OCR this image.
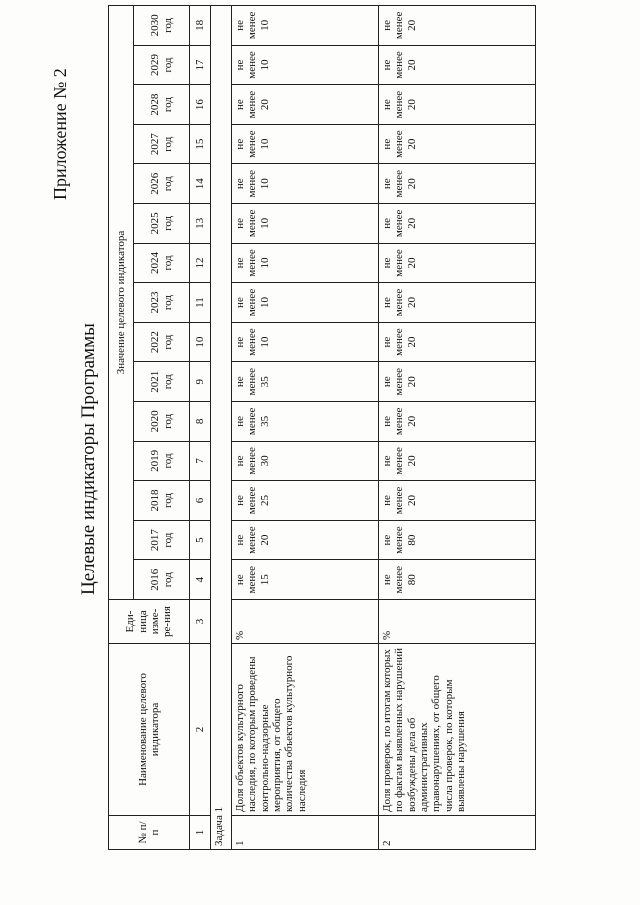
Приложение № 2
Целевые индикаторы Программы
№ п/п	Наименование целевого индикатора	Еди-ница изме-ре-ния	Значение целевого индикатора														
			2016 год	2017 год	2018 год	2019 год	2020 год	2021 год	2022 год	2023 год	2024 год	2025 год	2026 год	2027 год	2028 год	2029 год	2030 год
1	2	3	4	5	6	7	8	9	10	11	12	13	14	15	16	17	18
Задача 1																	
1	Доля объектов культурного наследия, по которым проведены контрольно-надзорные мероприятия, от общего количества объектов культурного наследия	%	не менее 15	не менее 20	не менее 25	не менее 30	не менее 35	не менее 35	не менее 10	не менее 10	не менее 10	не менее 10	не менее 10	не менее 10	не менее 20	не менее 10	не менее 10
2	Доля проверок, по итогам которых по фактам выявленных нарушений возбуждены дела об административных правонарушениях, от общего числа проверок, по которым выявлены нарушения	%	не менее 80	не менее 80	не менее 20	не менее 20	не менее 20	не менее 20	не менее 20	не менее 20	не менее 20	не менее 20	не менее 20	не менее 20	не менее 20	не менее 20	не менее 20
